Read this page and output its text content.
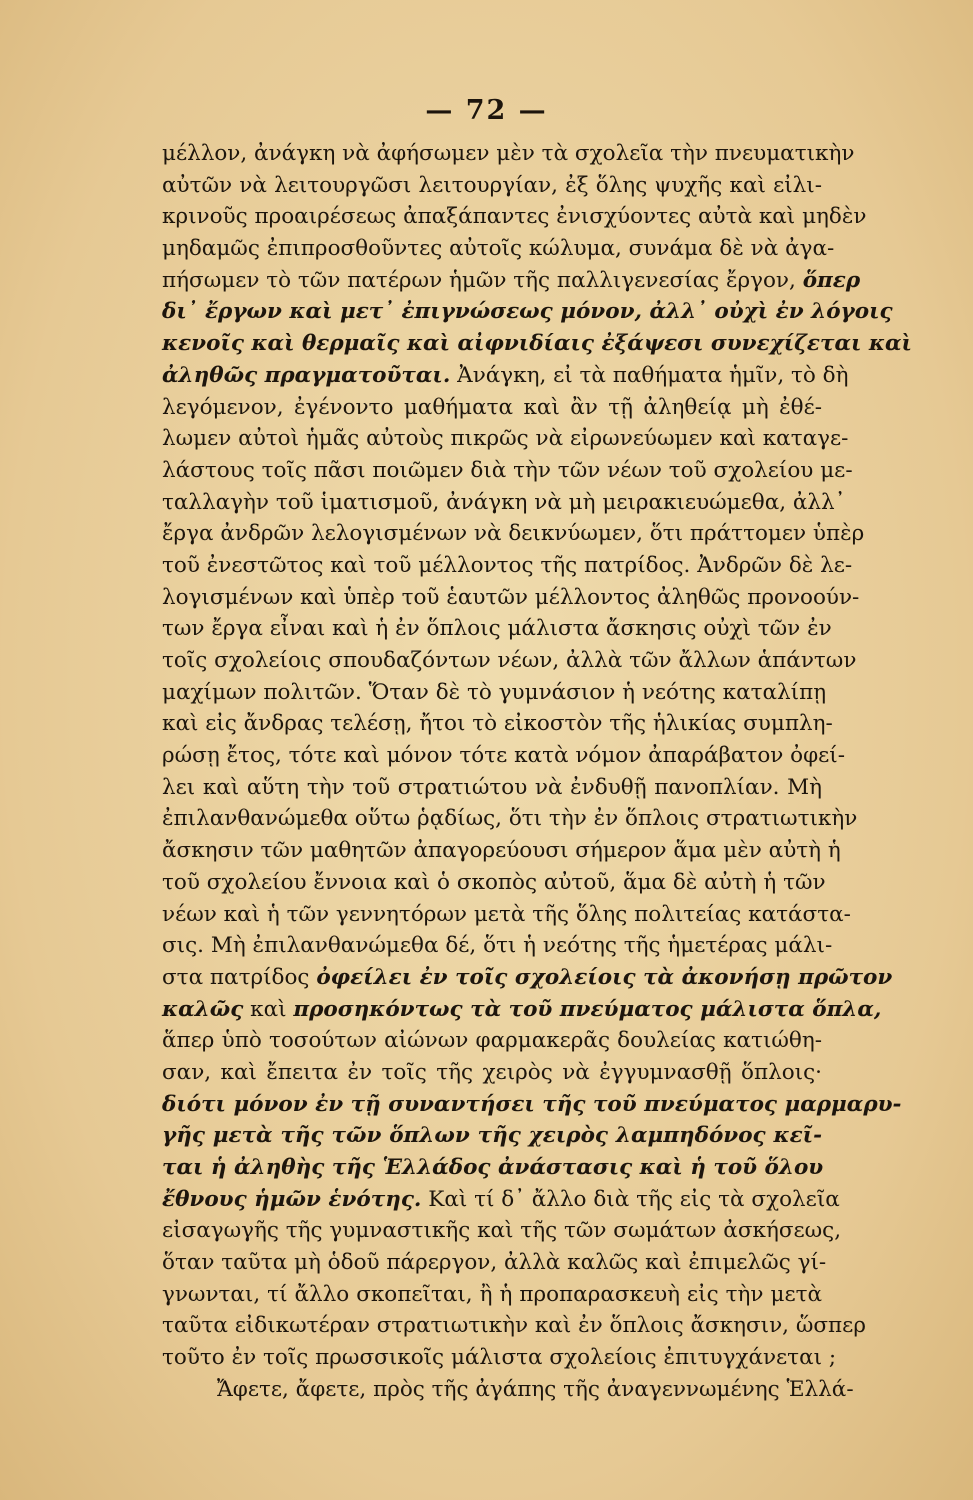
— 72 —
μέλλον, ἀνάγκη νὰ ἀφήσωμεν μὲν τὰ σχολεῖα τὴν πνευματικὴν
αὐτῶν νὰ λειτουργῶσι λειτουργίαν, ἐξ ὅλης ψυχῆς καὶ εἰλι-
κρινοῦς προαιρέσεως ἀπαξάπαντες ἐνισχύοντες αὐτὰ καὶ μηδὲν
μηδαμῶς ἐπιπροσθοῦντες αὐτοῖς κώλυμα, συνάμα δὲ νὰ ἀγα-
πήσωμεν τὸ τῶν πατέρων ἡμῶν τῆς παλλιγενεσίας ἔργον, ὅπερ
δι᾽ ἔργων καὶ μετ᾽ ἐπιγνώσεως μόνον, ἀλλ᾽ οὐχὶ ἐν λόγοις
κενοῖς καὶ θερμαῖς καὶ αἰφνιδίαις ἐξάψεσι συνεχίζεται καὶ
ἀληθῶς πραγματοῦται. Ἀνάγκη, εἰ τὰ παθήματα ἡμῖν, τὸ δὴ
λεγόμενον, ἐγένοντο μαθήματα καὶ ἂν τῇ ἀληθείᾳ μὴ ἐθέ-
λωμεν αὐτοὶ ἡμᾶς αὐτοὺς πικρῶς νὰ εἰρωνεύωμεν καὶ καταγε-
λάστους τοῖς πᾶσι ποιῶμεν διὰ τὴν τῶν νέων τοῦ σχολείου με-
ταλλαγὴν τοῦ ἱματισμοῦ, ἀνάγκη νὰ μὴ μειρακιευώμεθα, ἀλλ᾽
ἔργα ἀνδρῶν λελογισμένων νὰ δεικνύωμεν, ὅτι πράττομεν ὑπὲρ
τοῦ ἐνεστῶτος καὶ τοῦ μέλλοντος τῆς πατρίδος. Ἀνδρῶν δὲ λε-
λογισμένων καὶ ὑπὲρ τοῦ ἑαυτῶν μέλλοντος ἀληθῶς προνοούν-
των ἔργα εἶναι καὶ ἡ ἐν ὅπλοις μάλιστα ἄσκησις οὐχὶ τῶν ἐν
τοῖς σχολείοις σπουδαζόντων νέων, ἀλλὰ τῶν ἄλλων ἁπάντων
μαχίμων πολιτῶν. Ὅταν δὲ τὸ γυμνάσιον ἡ νεότης καταλίπῃ
καὶ εἰς ἄνδρας τελέσῃ, ἤτοι τὸ εἰκοστὸν τῆς ἡλικίας συμπλη-
ρώσῃ ἔτος, τότε καὶ μόνον τότε κατὰ νόμον ἀπαράβατον ὀφεί-
λει καὶ αὕτη τὴν τοῦ στρατιώτου νὰ ἐνδυθῇ πανοπλίαν. Μὴ
ἐπιλανθανώμεθα οὕτω ῥᾳδίως, ὅτι τὴν ἐν ὅπλοις στρατιωτικὴν
ἄσκησιν τῶν μαθητῶν ἀπαγορεύουσι σήμερον ἅμα μὲν αὐτὴ ἡ
τοῦ σχολείου ἔννοια καὶ ὁ σκοπὸς αὐτοῦ, ἅμα δὲ αὐτὴ ἡ τῶν
νέων καὶ ἡ τῶν γεννητόρων μετὰ τῆς ὅλης πολιτείας κατάστα-
σις. Μὴ ἐπιλανθανώμεθα δέ, ὅτι ἡ νεότης τῆς ἡμετέρας μάλι-
στα πατρίδος ὀφείλει ἐν τοῖς σχολείοις τὰ ἀκονήσῃ πρῶτον
καλῶς καὶ προσηκόντως τὰ τοῦ πνεύματος μάλιστα ὅπλα,
ἅπερ ὑπὸ τοσούτων αἰώνων φαρμακερᾶς δουλείας κατιώθη-
σαν, καὶ ἔπειτα ἐν τοῖς τῆς χειρὸς νὰ ἐγγυμνασθῇ ὅπλοις·
διότι μόνον ἐν τῇ συναντήσει τῆς τοῦ πνεύματος μαρμαρυ-
γῆς μετὰ τῆς τῶν ὅπλων τῆς χειρὸς λαμπηδόνος κεῖ-
ται ἡ ἀληθὴς τῆς Ἑλλάδος ἀνάστασις καὶ ἡ τοῦ ὅλου
ἔθνους ἡμῶν ἑνότης. Καὶ τί δ᾽ ἄλλο διὰ τῆς εἰς τὰ σχολεῖα
εἰσαγωγῆς τῆς γυμναστικῆς καὶ τῆς τῶν σωμάτων ἀσκήσεως,
ὅταν ταῦτα μὴ ὁδοῦ πάρεργον, ἀλλὰ καλῶς καὶ ἐπιμελῶς γί-
γνωνται, τί ἄλλο σκοπεῖται, ἢ ἡ προπαρασκευὴ εἰς τὴν μετὰ
ταῦτα εἰδικωτέραν στρατιωτικὴν καὶ ἐν ὅπλοις ἄσκησιν, ὥσπερ
τοῦτο ἐν τοῖς πρωσσικοῖς μάλιστα σχολείοις ἐπιτυγχάνεται ;
Ἄφετε, ἄφετε, πρὸς τῆς ἀγάπης τῆς ἀναγεννωμένης Ἑλλά-
